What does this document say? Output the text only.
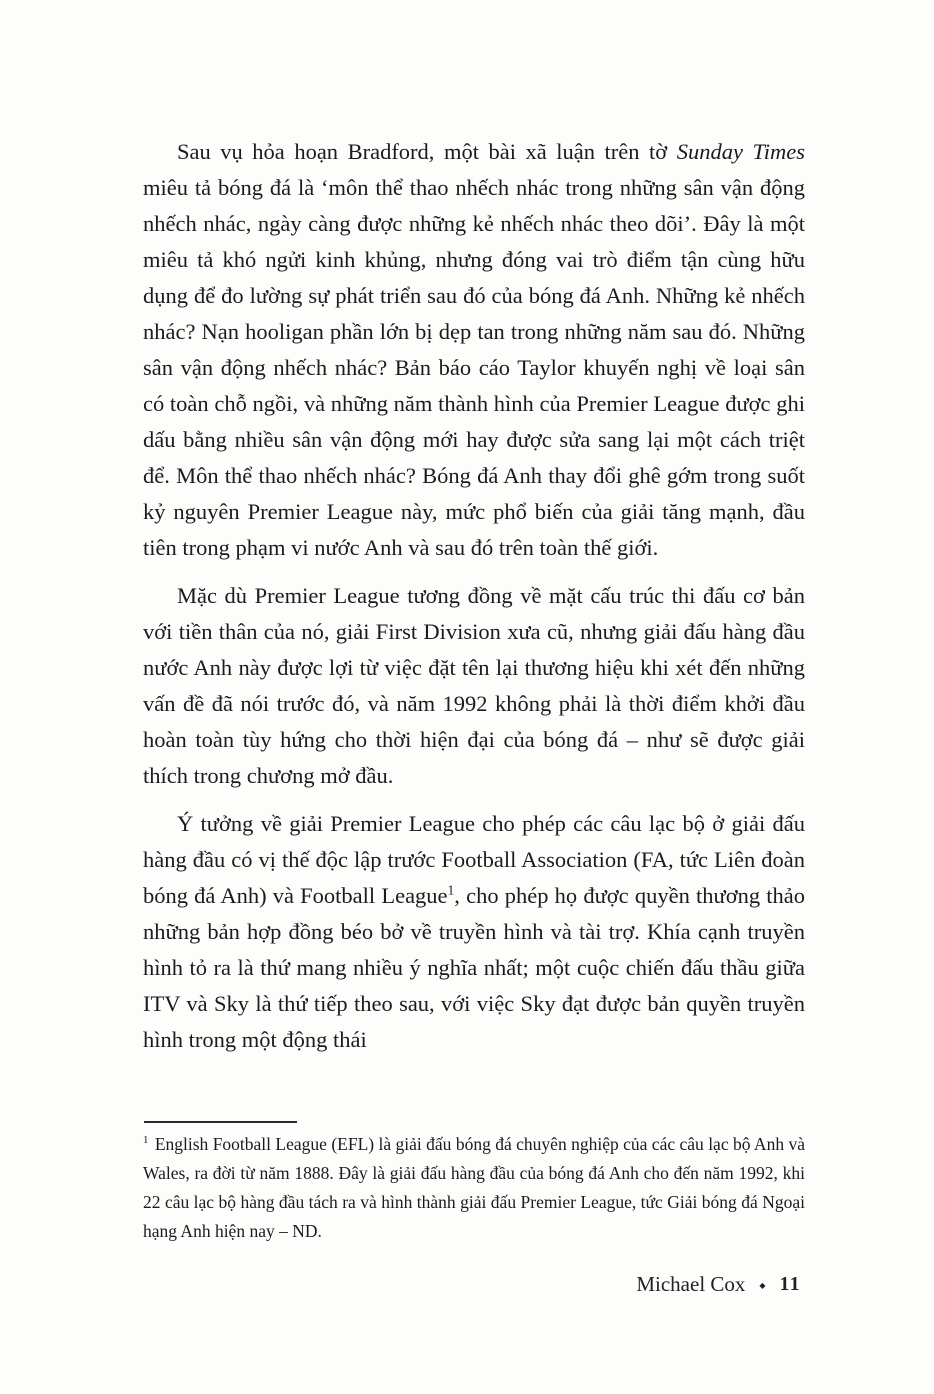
Sau vụ hỏa hoạn Bradford, một bài xã luận trên tờ Sunday Times miêu tả bóng đá là ‘môn thể thao nhếch nhác trong những sân vận động nhếch nhác, ngày càng được những kẻ nhếch nhác theo dõi’. Đây là một miêu tả khó ngửi kinh khủng, nhưng đóng vai trò điểm tận cùng hữu dụng để đo lường sự phát triển sau đó của bóng đá Anh. Những kẻ nhếch nhác? Nạn hooligan phần lớn bị dẹp tan trong những năm sau đó. Những sân vận động nhếch nhác? Bản báo cáo Taylor khuyến nghị về loại sân có toàn chỗ ngồi, và những năm thành hình của Premier League được ghi dấu bằng nhiều sân vận động mới hay được sửa sang lại một cách triệt để. Môn thể thao nhếch nhác? Bóng đá Anh thay đổi ghê gớm trong suốt kỷ nguyên Premier League này, mức phổ biến của giải tăng mạnh, đầu tiên trong phạm vi nước Anh và sau đó trên toàn thế giới.

Mặc dù Premier League tương đồng về mặt cấu trúc thi đấu cơ bản với tiền thân của nó, giải First Division xưa cũ, nhưng giải đấu hàng đầu nước Anh này được lợi từ việc đặt tên lại thương hiệu khi xét đến những vấn đề đã nói trước đó, và năm 1992 không phải là thời điểm khởi đầu hoàn toàn tùy hứng cho thời hiện đại của bóng đá – như sẽ được giải thích trong chương mở đầu.

Ý tưởng về giải Premier League cho phép các câu lạc bộ ở giải đấu hàng đầu có vị thế độc lập trước Football Association (FA, tức Liên đoàn bóng đá Anh) và Football League$^1$, cho phép họ được quyền thương thảo những bản hợp đồng béo bở về truyền hình và tài trợ. Khía cạnh truyền hình tỏ ra là thứ mang nhiều ý nghĩa nhất; một cuộc chiến đấu thầu giữa ITV và Sky là thứ tiếp theo sau, với việc Sky đạt được bản quyền truyền hình trong một động thái

$^1$ English Football League (EFL) là giải đấu bóng đá chuyên nghiệp của các câu lạc bộ Anh và Wales, ra đời từ năm 1888. Đây là giải đấu hàng đầu của bóng đá Anh cho đến năm 1992, khi 22 câu lạc bộ hàng đầu tách ra và hình thành giải đấu Premier League, tức Giải bóng đá Ngoại hạng Anh hiện nay – ND.
Michael Cox ◆ 11
